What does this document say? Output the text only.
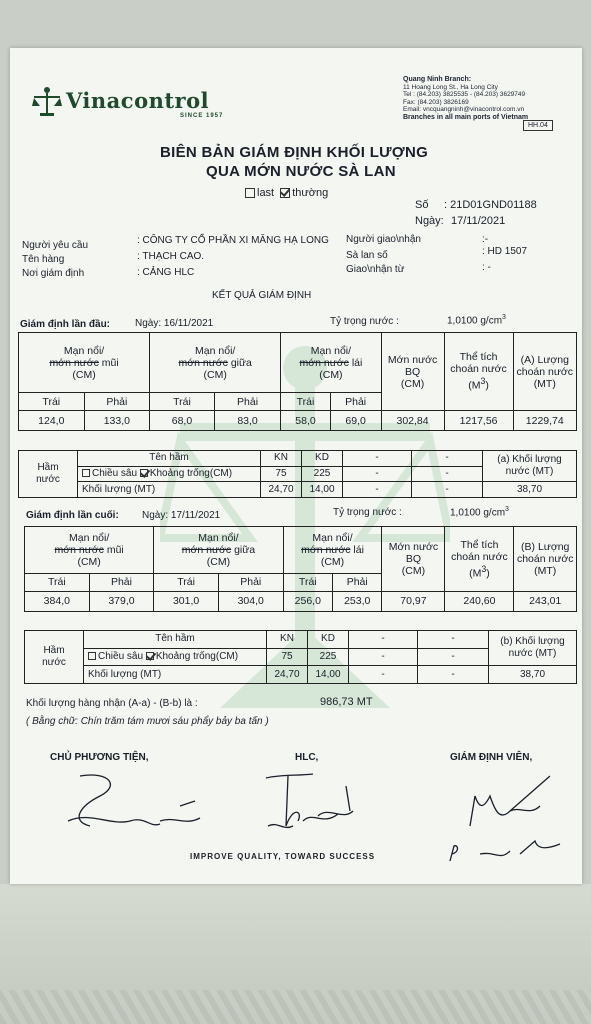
Vinacontrol
SINCE 1957
Quang Ninh Branch:
11 Hoang Long St., Ha Long City
Tel : (84.203) 3825535 - (84.203) 3629749
Fax: (84.203) 3826169
Email: vncquangninh@vinacontrol.com.vn
Branches in all main ports of Vietnam
HH.04
BIÊN BẢN GIÁM ĐỊNH KHỐI LƯỢNG
QUA MỚN NƯỚC SÀ LAN
last thường
Số : 21D01GND01188
Ngày: 17/11/2021
Người yêu cầu	: CÔNG TY CỔ PHẦN XI MĂNG HẠ LONG
Tên hàng	: THẠCH CAO.
Nơi giám định	: CẢNG HLC
Người giao\nhận	:-
Sà lan số	: HD 1507
Giao\nhận từ	: -
KẾT QUẢ GIÁM ĐỊNH
Giám định lần đầu: Ngày: 16/11/2021	Tỷ trọng nước :	1,0100 $g/cm^3$
Mạn nổi/
mớn nước mũi
(CM)		Mạn nổi/
mớn nước giữa
(CM)		Mạn nổi/
mớn nước lái
(CM)		Mớn nước
BQ
(CM)	Thể tích
choán nước
$(M^3)$	(A) Lượng
choán nước
(MT)
Trái	Phải	Trái	Phải	Trái	Phải			
124,0	133,0	68,0	83,0	58,0	69,0	302,84	1217,56	1229,74
Hầm
nước	Tên hầm	KN	KD	-	-	(a) Khối lượng
nước (MT)
	Chiều sâu Khoảng trống(CM)	75	225	-	-	
	Khối lượng (MT)	24,70	14,00	-	-	38,70
Giám định lần cuối: Ngày: 17/11/2021	Tỷ trọng nước :	1,0100 $g/cm^3$
Mạn nổi/
mớn nước mũi
(CM)		Mạn nổi/
mớn nước giữa
(CM)		Mạn nổi/
mớn nước lái
(CM)		Mớn nước
BQ
(CM)	Thể tích
choán nước
$(M^3)$	(B) Lượng
choán nước
(MT)
Trái	Phải	Trái	Phải	Trái	Phải			
384,0	379,0	301,0	304,0	256,0	253,0	70,97	240,60	243,01
Hầm
nước	Tên hầm	KN	KD	-	-	(b) Khối lượng
nước (MT)
	Chiều sâu Khoảng trống(CM)	75	225	-	-	
	Khối lượng (MT)	24,70	14,00	-	-	38,70
Khối lượng hàng nhận (A-a) - (B-b) là :	986,73 MT
( Bằng chữ: Chín trăm tám mươi sáu phẩy bảy ba tấn )
CHỦ PHƯƠNG TIỆN,	HLC,	GIÁM ĐỊNH VIÊN,
IMPROVE QUALITY, TOWARD SUCCESS
